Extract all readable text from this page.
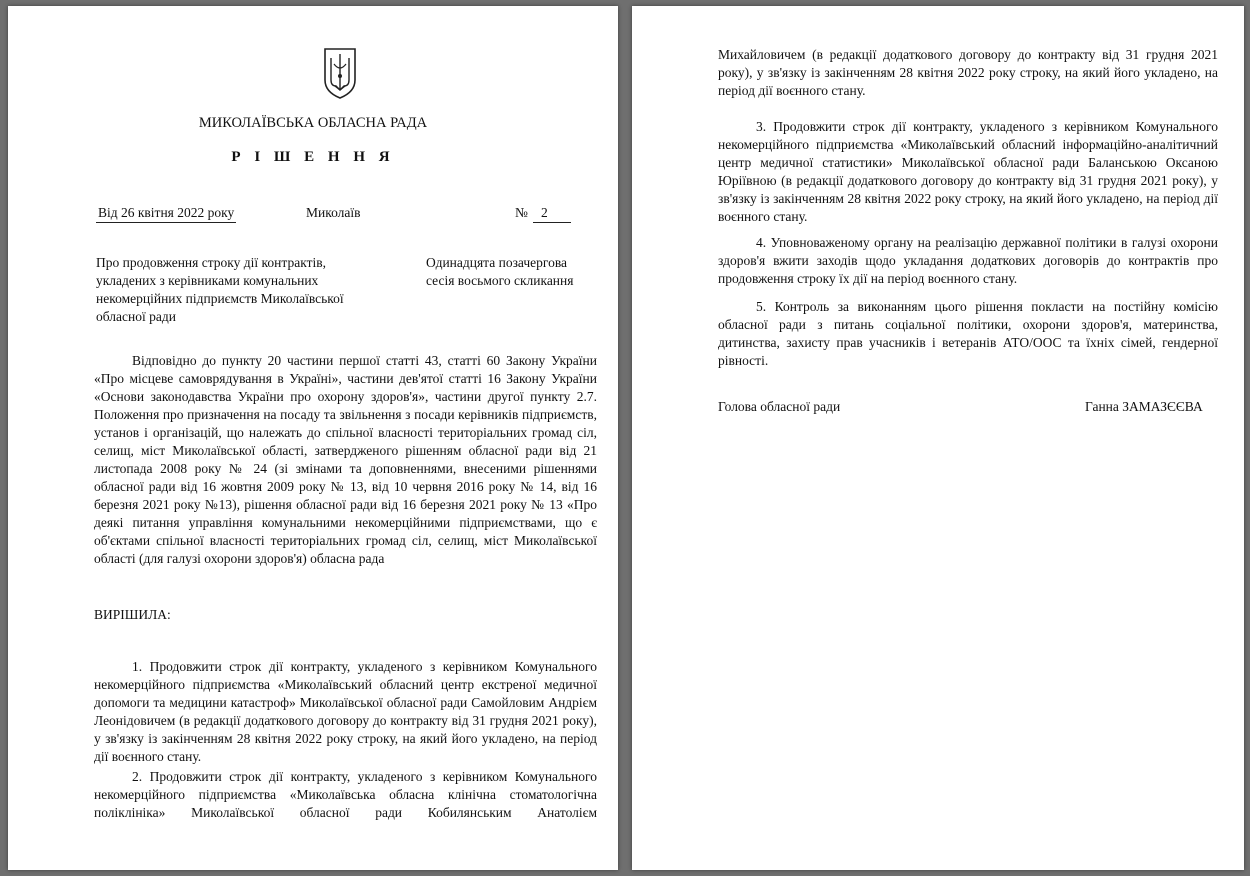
МИКОЛАЇВСЬКА ОБЛАСНА РАДА

Р І Ш Е Н Н Я

Від 26 квітня 2022 року	Миколаїв	№ 2

Про продовження строку дії контрактів, укладених з керівниками комунальних некомерційних підприємств Миколаївської обласної ради

Одинадцята позачергова сесія восьмого скликання

Відповідно до пункту 20 частини першої статті 43, статті 60 Закону України «Про місцеве самоврядування в Україні», частини дев'ятої статті 16 Закону України «Основи законодавства України про охорону здоров'я», частини другої пункту 2.7. Положення про призначення на посаду та звільнення з посади керівників підприємств, установ і організацій, що належать до спільної власності територіальних громад сіл, селищ, міст Миколаївської області, затвердженого рішенням обласної ради від 21 листопада 2008 року № 24 (зі змінами та доповненнями, внесеними рішеннями обласної ради від 16 жовтня 2009 року № 13, від 10 червня 2016 року № 14, від 16 березня 2021 року №13), рішення обласної ради від 16 березня 2021 року № 13 «Про деякі питання управління комунальними некомерційними підприємствами, що є об'єктами спільної власності територіальних громад сіл, селищ, міст Миколаївської області (для галузі охорони здоров'я) обласна рада

ВИРІШИЛА:

1. Продовжити строк дії контракту, укладеного з керівником Комунального некомерційного підприємства «Миколаївський обласний центр екстреної медичної допомоги та медицини катастроф» Миколаївської обласної ради Самойловим Андрієм Леонідовичем (в редакції додаткового договору до контракту від 31 грудня 2021 року), у зв'язку із закінченням 28 квітня 2022 року строку, на який його укладено, на період дії воєнного стану.

2. Продовжити строк дії контракту, укладеного з керівником Комунального некомерційного підприємства «Миколаївська обласна клінічна стоматологічна поліклініка» Миколаївської обласної ради Кобилянським Анатолієм

Михайловичем (в редакції додаткового договору до контракту від 31 грудня 2021 року), у зв'язку із закінченням 28 квітня 2022 року строку, на який його укладено, на період дії воєнного стану.

3. Продовжити строк дії контракту, укладеного з керівником Комунального некомерційного підприємства «Миколаївський обласний інформаційно-аналітичний центр медичної статистики» Миколаївської обласної ради Баланською Оксаною Юріївною (в редакції додаткового договору до контракту від 31 грудня 2021 року), у зв'язку із закінченням 28 квітня 2022 року строку, на який його укладено, на період дії воєнного стану.

4. Уповноваженому органу на реалізацію державної політики в галузі охорони здоров'я вжити заходів щодо укладання додаткових договорів до контрактів про продовження строку їх дії на період воєнного стану.

5. Контроль за виконанням цього рішення покласти на постійну комісію обласної ради з питань соціальної політики, охорони здоров'я, материнства, дитинства, захисту прав учасників і ветеранів АТО/ООС та їхніх сімей, гендерної рівності.

Голова обласної ради	Ганна ЗАМАЗЄЄВА
